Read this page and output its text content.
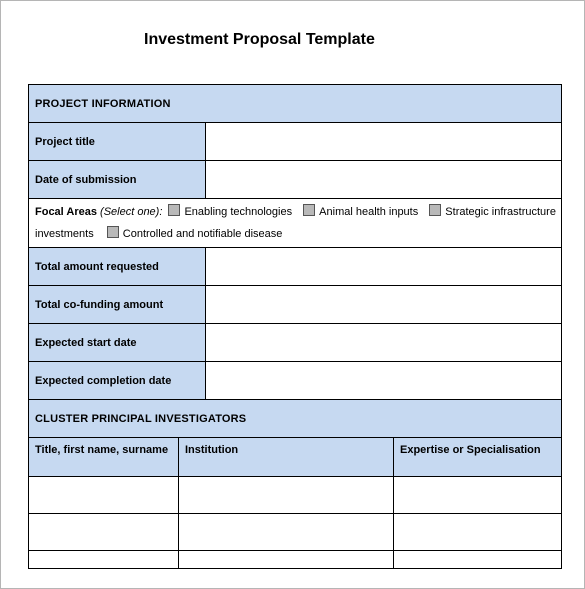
Investment Proposal Template
PROJECT INFORMATION	
Project title	
Date of submission	

Focal Areas (Select one): Enabling technologies Animal health inputs Strategic infrastructure
investments Controlled and notifiable disease	

Total amount requested	
Total co-funding amount	
Expected start date	
Expected completion date	
CLUSTER PRINCIPAL INVESTIGATORS	
Title, first name, surname	Institution	Expertise or Specialisation
